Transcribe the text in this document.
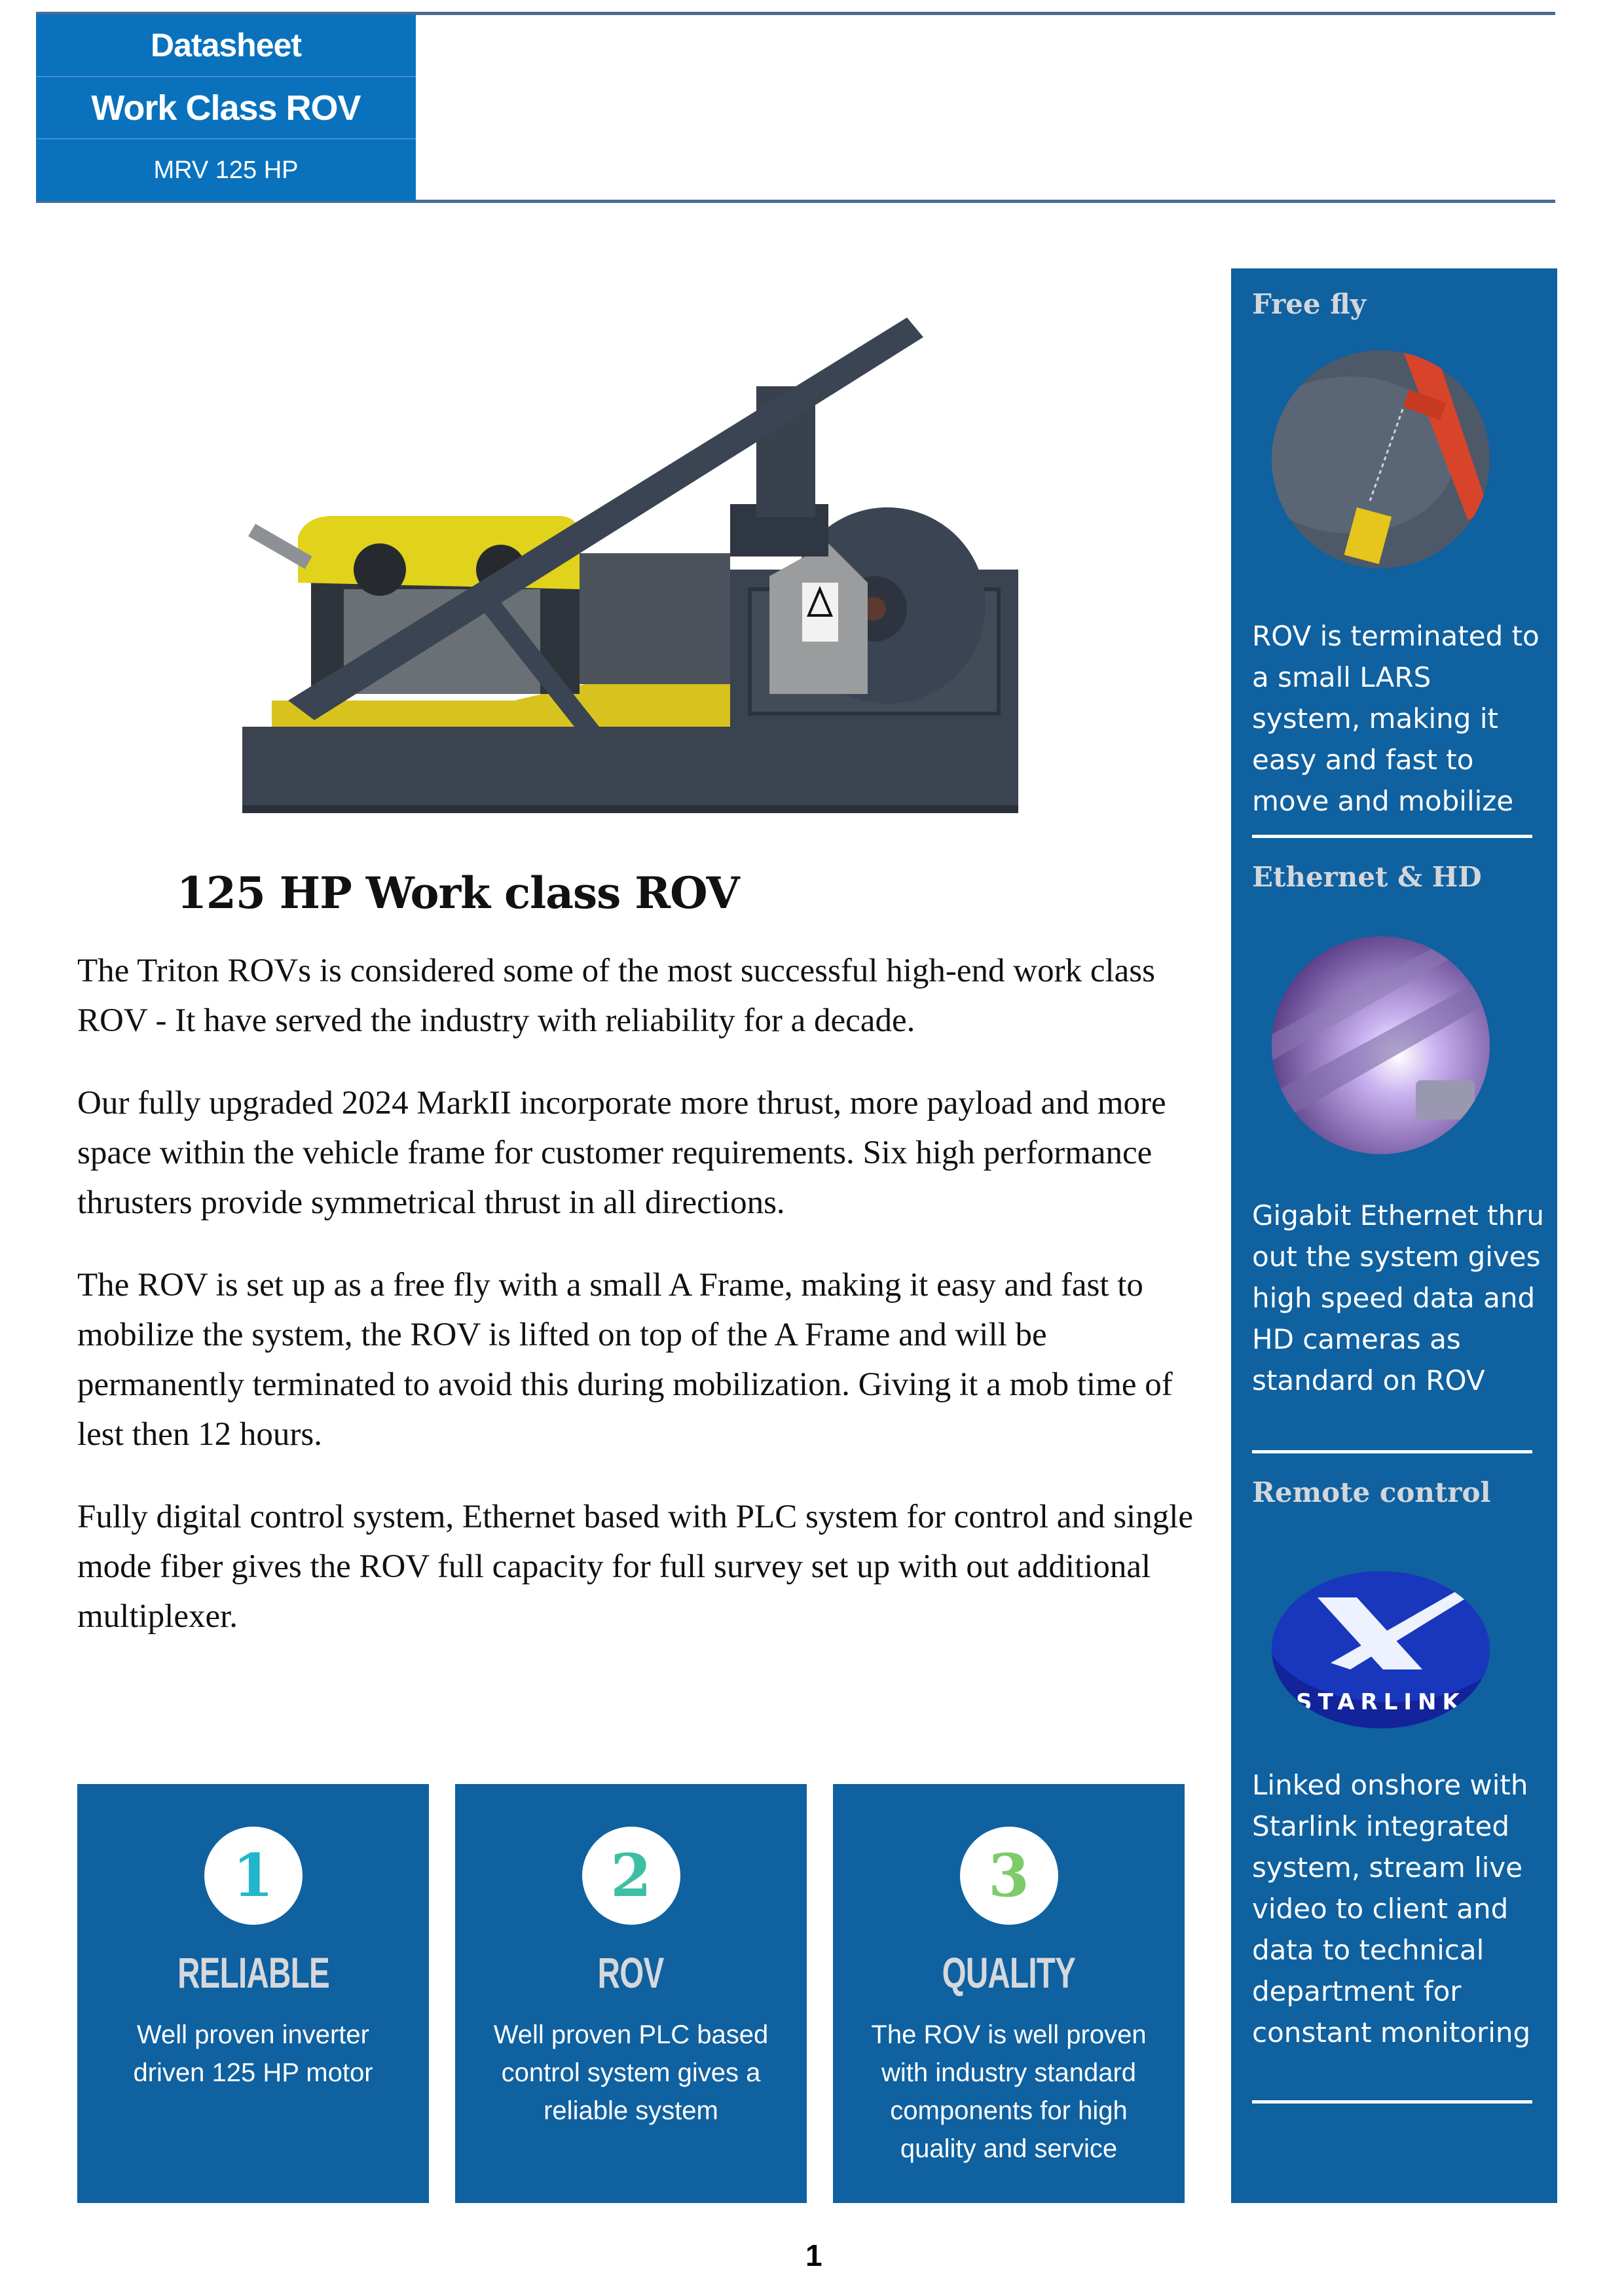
Datasheet
Work Class ROV
MRV 125 HP
125 HP Work class ROV

The Triton ROVs is considered some of the most successful high-end work class ROV - It have served the industry with reliability for a decade.

Our fully upgraded 2024 MarkII incorporate more thrust, more payload and more space within the vehicle frame for customer requirements. Six high performance thrusters provide symmetrical thrust in all directions.

The ROV is set up as a free fly with a small A Frame, making it easy and fast to mobilize the system, the ROV is lifted on top of the A Frame and will be permanently terminated to avoid this during mobilization. Giving it a mob time of lest then 12 hours.

Fully digital control system, Ethernet based with PLC system for control and single mode fiber gives the ROV full capacity for full survey set up with out additional multiplexer.

1
RELIABLE
Well proven inverter driven 125 HP motor
2
ROV
Well proven PLC based control system gives a reliable system
3
QUALITY
The ROV is well proven with industry standard components for high quality and service
Free fly
ROV is terminated to a small LARS system, making it easy and fast to move and mobilize
Ethernet & HD
Gigabit Ethernet thru out the system gives high speed data and HD cameras as standard on ROV
Remote control
STARLINK
Linked onshore with Starlink integrated system, stream live video to client and data to technical department for constant monitoring
1
